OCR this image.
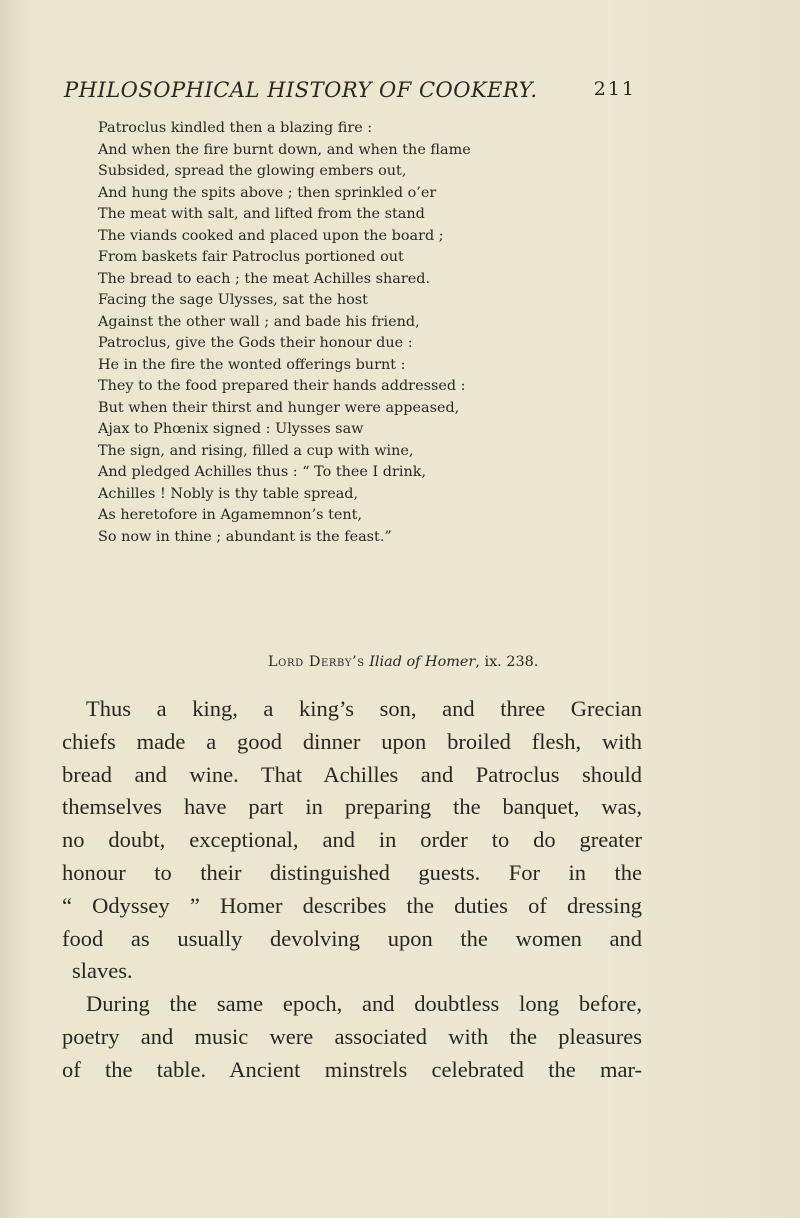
PHILOSOPHICAL HISTORY OF COOKERY.	211
Patroclus kindled then a blazing fire :
And when the fire burnt down, and when the flame
Subsided, spread the glowing embers out,
And hung the spits above ; then sprinkled o’er
The meat with salt, and lifted from the stand
The viands cooked and placed upon the board ;
From baskets fair Patroclus portioned out
The bread to each ; the meat Achilles shared.
Facing the sage Ulysses, sat the host
Against the other wall ; and bade his friend,
Patroclus, give the Gods their honour due :
He in the fire the wonted offerings burnt :
They to the food prepared their hands addressed :
But when their thirst and hunger were appeased,
Ajax to Phœnix signed : Ulysses saw
The sign, and rising, filled a cup with wine,
And pledged Achilles thus : “ To thee I drink,
Achilles ! Nobly is thy table spread,
As heretofore in Agamemnon’s tent,
So now in thine ; abundant is the feast.”
Lord Derby’s Iliad of Homer, ix. 238.
Thus a king, a king’s son, and three Grecian
chiefs made a good dinner upon broiled flesh, with
bread and wine. That Achilles and Patroclus should
themselves have part in preparing the banquet, was,
no doubt, exceptional, and in order to do greater
honour to their distinguished guests. For in the
“ Odyssey ” Homer describes the duties of dressing
food as usually devolving upon the women and
slaves.
During the same epoch, and doubtless long before,
poetry and music were associated with the pleasures
of the table. Ancient minstrels celebrated the mar-
